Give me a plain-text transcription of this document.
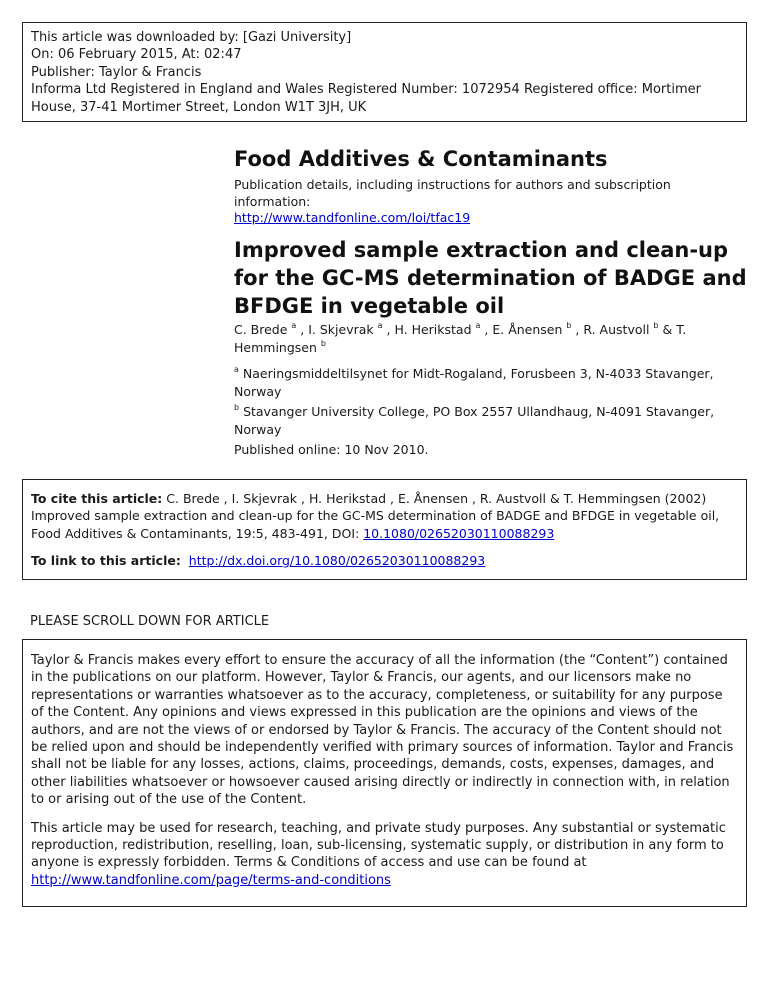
This article was downloaded by: [Gazi University]
On: 06 February 2015, At: 02:47
Publisher: Taylor & Francis
Informa Ltd Registered in England and Wales Registered Number: 1072954 Registered office: Mortimer
House, 37-41 Mortimer Street, London W1T 3JH, UK
Food Additives & Contaminants
Publication details, including instructions for authors and subscription information:
http://www.tandfonline.com/loi/tfac19
Improved sample extraction and clean-up for the GC-MS determination of BADGE and BFDGE in vegetable oil
C. Brede $^a$ , I. Skjevrak $^a$ , H. Herikstad $^a$ , E. Ånensen $^b$ , R. Austvoll $^b$ & T. Hemmingsen $^b$
$^a$ Naeringsmiddeltilsynet for Midt-Rogaland, Forusbeen 3, N-4033 Stavanger, Norway
$^b$ Stavanger University College, PO Box 2557 Ullandhaug, N-4091 Stavanger, Norway
Published online: 10 Nov 2010.
To cite this article: C. Brede , I. Skjevrak , H. Herikstad , E. Ånensen , R. Austvoll & T. Hemmingsen (2002) Improved sample extraction and clean-up for the GC-MS determination of BADGE and BFDGE in vegetable oil, Food Additives & Contaminants, 19:5, 483-491, DOI: 10.1080/02652030110088293
To link to this article: http://dx.doi.org/10.1080/02652030110088293
PLEASE SCROLL DOWN FOR ARTICLE

Taylor & Francis makes every effort to ensure the accuracy of all the information (the “Content”) contained in the publications on our platform. However, Taylor & Francis, our agents, and our licensors make no representations or warranties whatsoever as to the accuracy, completeness, or suitability for any purpose of the Content. Any opinions and views expressed in this publication are the opinions and views of the authors, and are not the views of or endorsed by Taylor & Francis. The accuracy of the Content should not be relied upon and should be independently verified with primary sources of information. Taylor and Francis shall not be liable for any losses, actions, claims, proceedings, demands, costs, expenses, damages, and other liabilities whatsoever or howsoever caused arising directly or indirectly in connection with, in relation to or arising out of the use of the Content.

This article may be used for research, teaching, and private study purposes. Any substantial or systematic reproduction, redistribution, reselling, loan, sub-licensing, systematic supply, or distribution in any form to anyone is expressly forbidden. Terms & Conditions of access and use can be found at http://www.tandfonline.com/page/terms-and-conditions
